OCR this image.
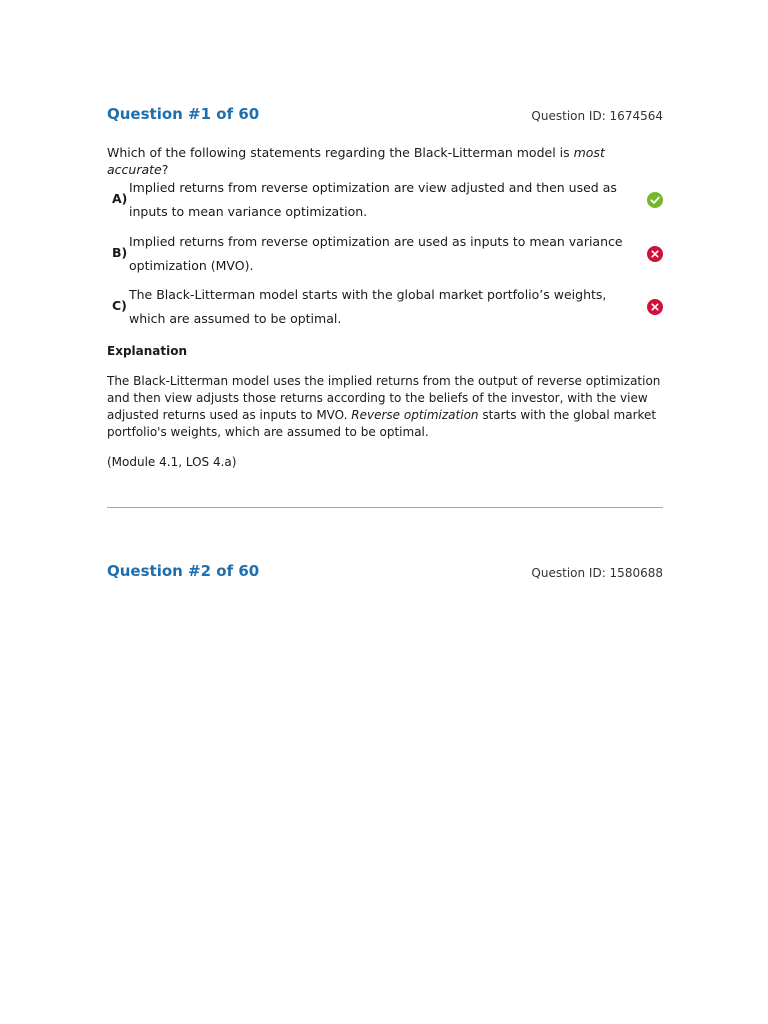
Question #1 of 60	Question ID: 1674564
Which of the following statements regarding the Black-Litterman model is most accurate?
A)
Implied returns from reverse optimization are view adjusted and then used as inputs to mean variance optimization.
B)
Implied returns from reverse optimization are used as inputs to mean variance optimization (MVO).
C)
The Black-Litterman model starts with the global market portfolio’s weights, which are assumed to be optimal.
Explanation
The Black-Litterman model uses the implied returns from the output of reverse optimization and then view adjusts those returns according to the beliefs of the investor, with the view adjusted returns used as inputs to MVO. Reverse optimization starts with the global market portfolio's weights, which are assumed to be optimal.
(Module 4.1, LOS 4.a)
Question #2 of 60	Question ID: 1580688
